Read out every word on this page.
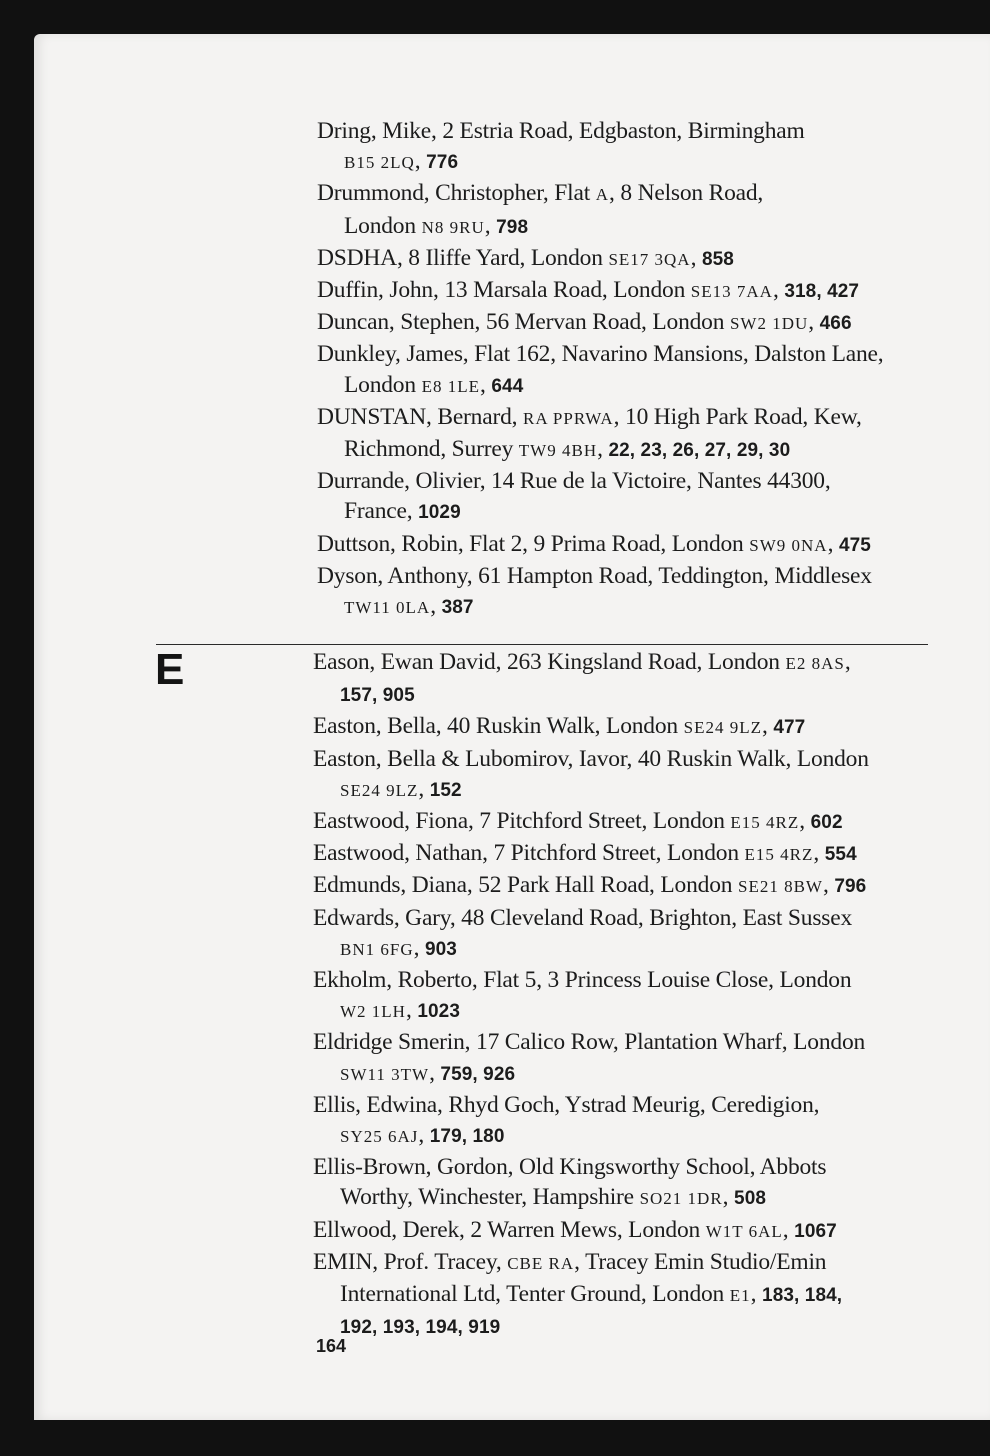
Dring, Mike, 2 Estria Road, Edgbaston, Birmingham
B15 2LQ, 776
Drummond, Christopher, Flat A, 8 Nelson Road,
London N8 9RU, 798
DSDHA, 8 Iliffe Yard, London SE17 3QA, 858
Duffin, John, 13 Marsala Road, London SE13 7AA, 318, 427
Duncan, Stephen, 56 Mervan Road, London SW2 1DU, 466
Dunkley, James, Flat 162, Navarino Mansions, Dalston Lane,
London E8 1LE, 644
DUNSTAN, Bernard, RA PPRWA, 10 High Park Road, Kew,
Richmond, Surrey TW9 4BH, 22, 23, 26, 27, 29, 30
Durrande, Olivier, 14 Rue de la Victoire, Nantes 44300,
France, 1029
Duttson, Robin, Flat 2, 9 Prima Road, London SW9 0NA, 475
Dyson, Anthony, 61 Hampton Road, Teddington, Middlesex
TW11 0LA, 387
E	Eason, Ewan David, 263 Kingsland Road, London E2 8AS,
157, 905
Easton, Bella, 40 Ruskin Walk, London SE24 9LZ, 477
Easton, Bella & Lubomirov, Iavor, 40 Ruskin Walk, London
SE24 9LZ, 152
Eastwood, Fiona, 7 Pitchford Street, London E15 4RZ, 602
Eastwood, Nathan, 7 Pitchford Street, London E15 4RZ, 554
Edmunds, Diana, 52 Park Hall Road, London SE21 8BW, 796
Edwards, Gary, 48 Cleveland Road, Brighton, East Sussex
BN1 6FG, 903
Ekholm, Roberto, Flat 5, 3 Princess Louise Close, London
W2 1LH, 1023
Eldridge Smerin, 17 Calico Row, Plantation Wharf, London
SW11 3TW, 759, 926
Ellis, Edwina, Rhyd Goch, Ystrad Meurig, Ceredigion,
SY25 6AJ, 179, 180
Ellis-Brown, Gordon, Old Kingsworthy School, Abbots
Worthy, Winchester, Hampshire SO21 1DR, 508
Ellwood, Derek, 2 Warren Mews, London W1T 6AL, 1067
EMIN, Prof. Tracey, CBE RA, Tracey Emin Studio/Emin
International Ltd, Tenter Ground, London E1, 183, 184,
192, 193, 194, 919
164
